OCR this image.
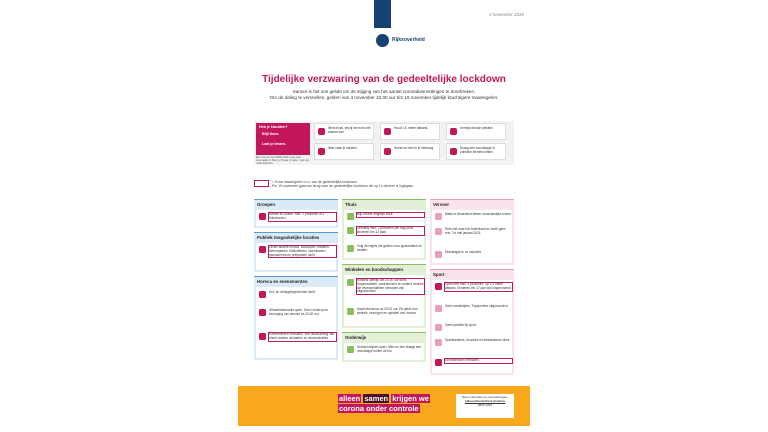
Rijksoverheid
3 november 2020
Tijdelijke verzwaring van de gedeeltelijke lockdown
Samen is het ons gelukt om de stijging van het aantal coronabesmettingen te doorbreken.
Om de daling te versnellen, gelden van 4 november 22.00 uur t/m 18 november tijdelijk krachtigere maatregelen:
Heb je klachten?
Blijf thuis.
Laat je testen.
Bel voor een test 0800-1202 of ga naar coronatest.nl. Ben je 70 jaar of ouder, ook met milde klachten.
Werk thuis, tenzij het echt niet anders kan.
Houd 1,5 meter afstand.	Vermijd drukke plekken.
Was vaak je handen.	Hoest en nies in je elleboog.	Draag een mondkapje in publieke binnenruimtes.
= Extra maatregelen t.o.v. van de gedeeltelijke lockdown.
Per 19 november gaan we terug naar de gedeeltelijke lockdown die op 14 oktober is ingegaan.
Groepen
Binnen en buiten: max. 2 personen of 1 huishouden.
Publiek toegankelijke locaties
Onder andere musea, bioscopen, theaters, dierenparken, bibliotheken, zwembaden, saunacentra en pretparken dicht.
Horeca en evenementen
Eet- en drinkgelegenheden dicht.
Afhaalrestaurants open. Geen verkoop en bezorging van alcohol na 20.00 uur.
Evenementen verboden, met uitzondering van onder andere uitvaarten en demonstraties.
Thuis
Blijf zoveel mogelijk thuis.
Ontvang max. 2 personen per dag (excl. kinderen t/m 12 jaar).
Volg de regels die gelden voor quarantaine en isolatie.
Winkelen en boodschappen
Winkels uiterlijk om 20.00 uur dicht. Supermarkten, warenhuizen en andere winkels die levensmiddelen verkopen zijn uitgezonderd.
Alcoholverkoop na 20.00 uur. Dit geldt voor winkels, bezorgen en ophalen van horeca.
Onderwijs
Scholen blijven open. Mbo en hbo draagt een mondkapje buiten de les.
Vervoer
Maak in Nederland alleen noodzakelijke reizen.
Reis niet naar het buitenland en boek geen reis. Tot half januari 2021.
Mondkapje in ov verplicht.
Sport
Sport met max. 2 personen, op 1,5 meter afstand. Kinderen t/m 17 jaar zijn uitgezonderd.
Geen wedstrijden. Topsporters uitgezonderd.
Geen publiek bij sport.
Sportkantines, douches en kleedkamers dicht.
Groepslessen verboden.
alleen samen krijgen we
corona onder controle
Meer informatie en uitzonderingen:
rijksoverheid.nl/coronavirus
0800-1351
